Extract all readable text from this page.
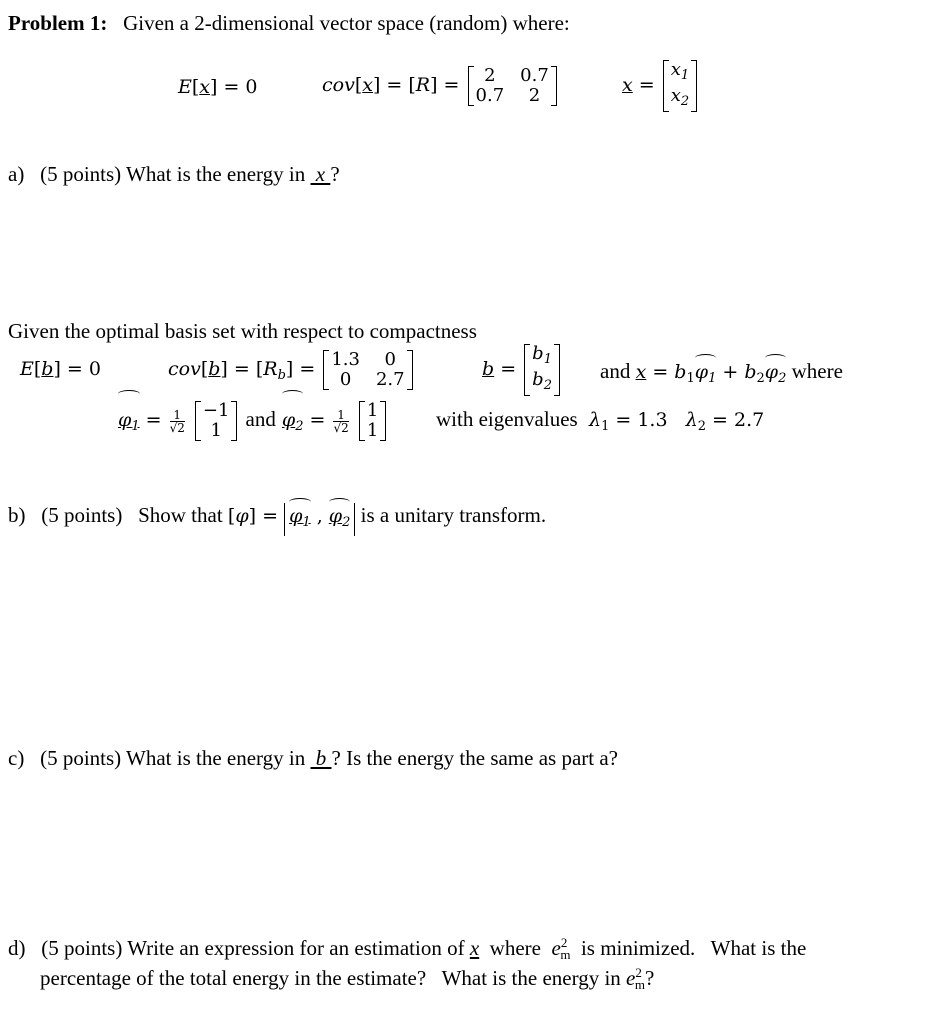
Problem 1: Given a 2-dimensional vector space (random) where:
E[x] = 0	cov[x] = [R] = 2	0.7
0.7	2	x =
$x_1$
$x_2$
a) (5 points) What is the energy in  x ?
Given the optimal basis set with respect to compactness
E[b] = 0	$cov[b] = [R_b] = 1.3$	0
0	2.7	b =
$b_1$
$b_2$
and $x = b_1\varphi_1 + b_2\varphi_2$ where
$\varphi_1 = \frac{1}{√2}$
−1
1 and $\varphi_2 = \frac{1}{√2}$
1
1	with eigenvalues $\lambda_1 = 1.3$   $\lambda_2 = 2.7$
b) (5 points) Show that $[\varphi] = \varphi_1$ , $\varphi_2$ is a unitary transform.
c) (5 points) What is the energy in  b ? Is the energy the same as part a?
d) (5 points) Write an expression for an estimation of x  where  $e^2_m$  is minimized.   What is the
percentage of the total energy in the estimate?   What is the energy in $e^2_m$?
